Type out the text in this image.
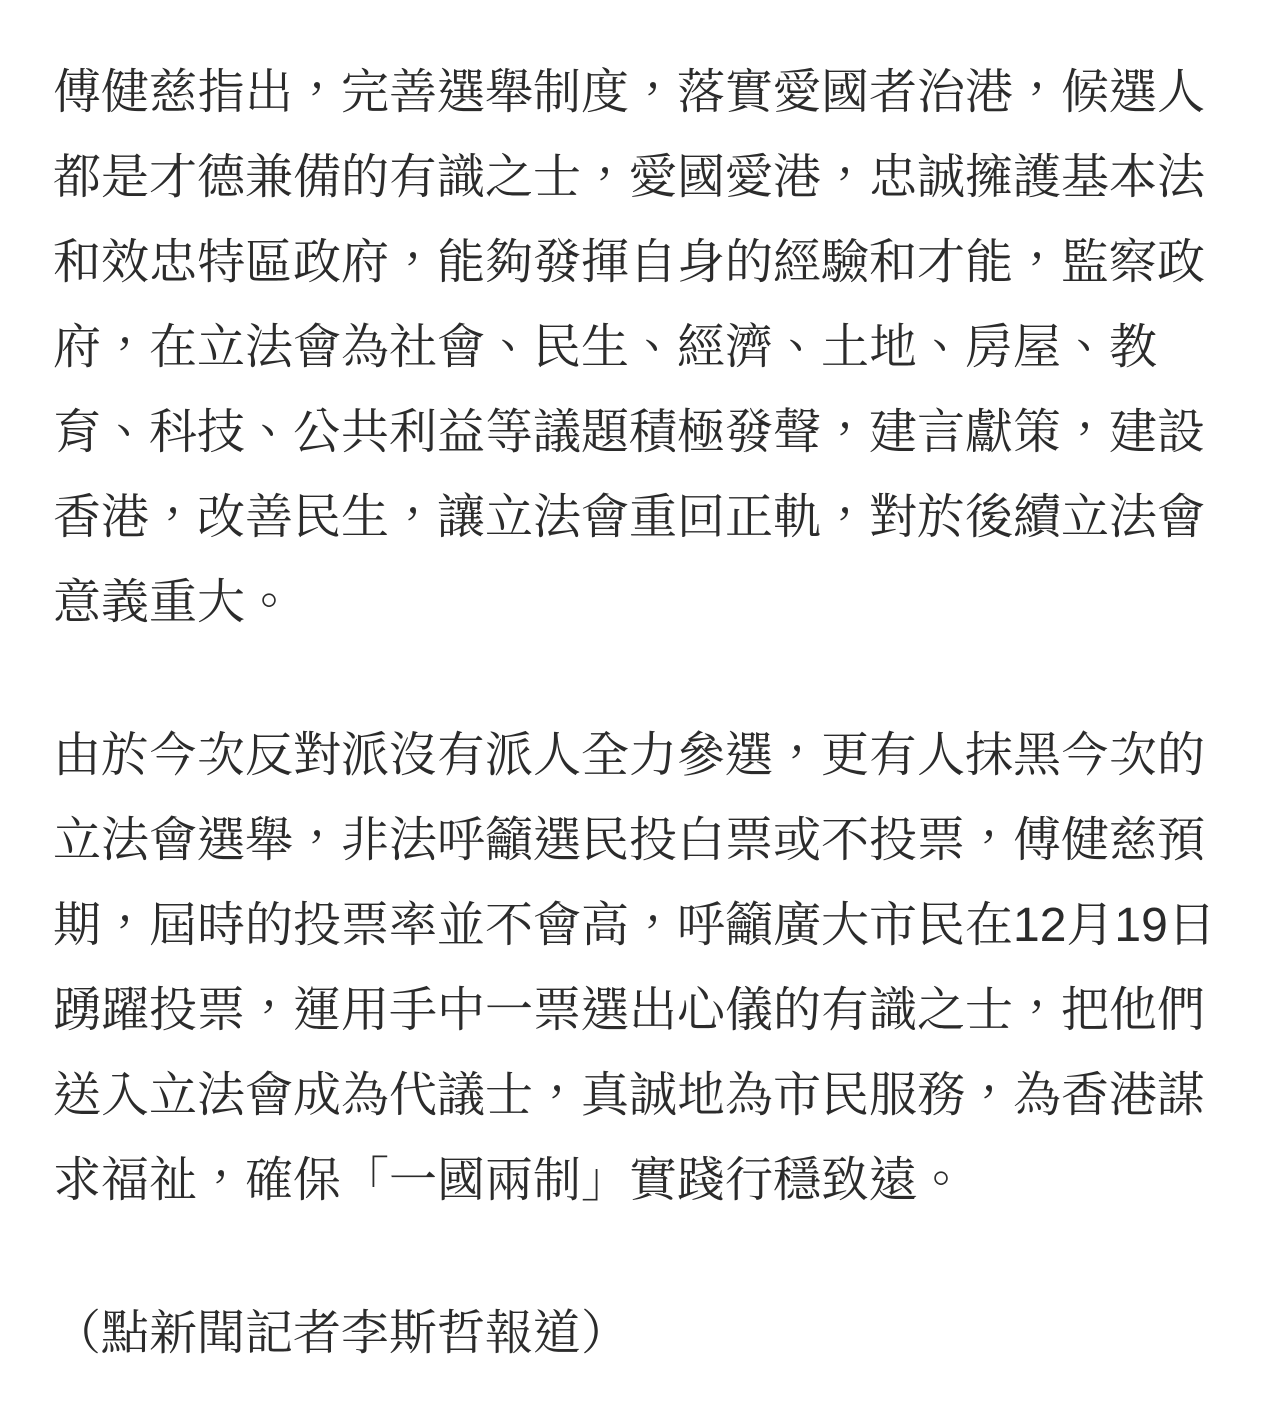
傅健慈指出，完善選舉制度，落實愛國者治港，候選人
都是才德兼備的有識之士，愛國愛港，忠誠擁護基本法
和效忠特區政府，能夠發揮自身的經驗和才能，監察政
府，在立法會為社會、民生、經濟、土地、房屋、教
育、科技、公共利益等議題積極發聲，建言獻策，建設
香港，改善民生，讓立法會重回正軌，對於後續立法會
意義重大。
由於今次反對派沒有派人全力參選，更有人抹黑今次的
立法會選舉，非法呼籲選民投白票或不投票，傅健慈預
期，屆時的投票率並不會高，呼籲廣大市民在12月19日
踴躍投票，運用手中一票選出心儀的有識之士，把他們
送入立法會成為代議士，真誠地為市民服務，為香港謀
求福祉，確保「一國兩制」實踐行穩致遠。
（點新聞記者李斯哲報道）
